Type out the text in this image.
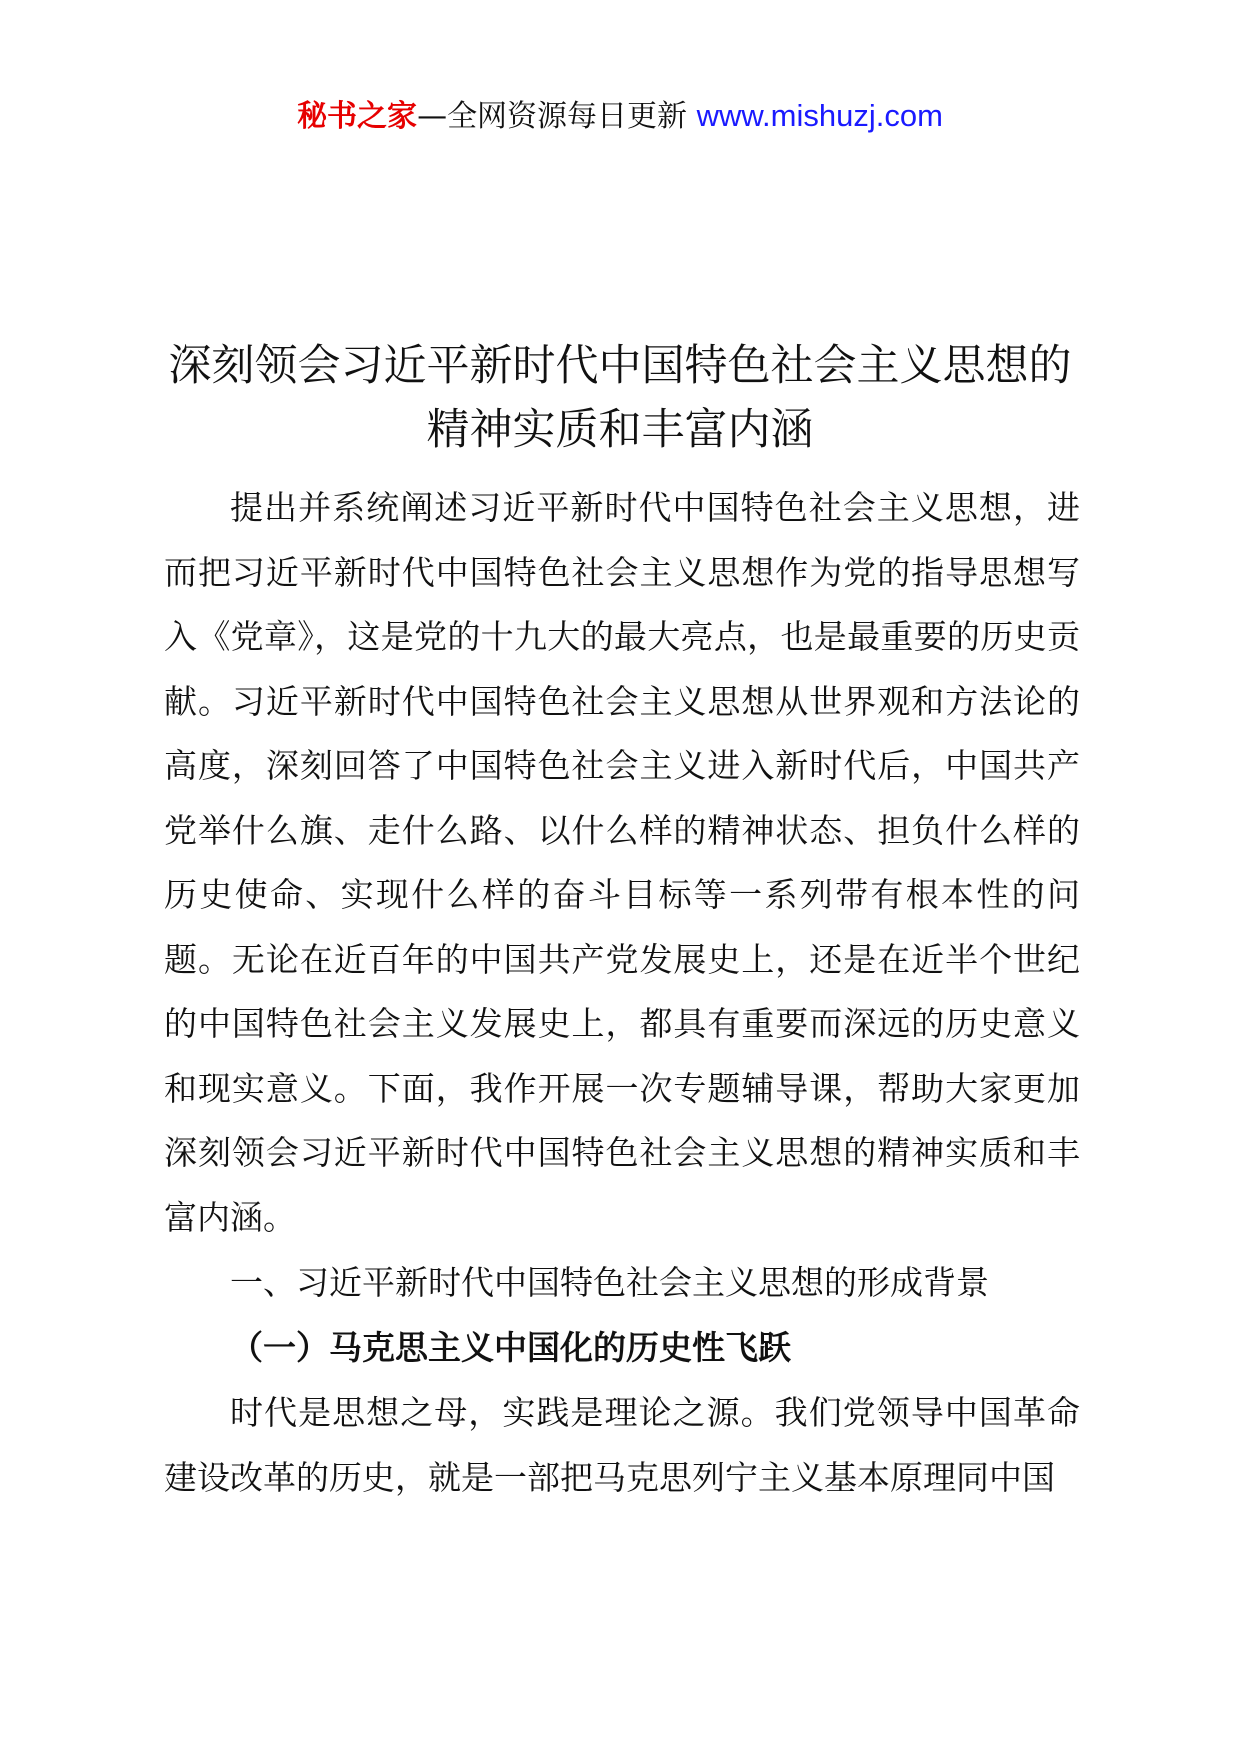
秘书之家—全网资源每日更新 www.mishuzj.com
深刻领会习近平新时代中国特色社会主义思想的精神实质和丰富内涵

提出并系统阐述习近平新时代中国特色社会主义思想，进而把习近平新时代中国特色社会主义思想作为党的指导思想写入《党章》，这是党的十九大的最大亮点，也是最重要的历史贡献。习近平新时代中国特色社会主义思想从世界观和方法论的高度，深刻回答了中国特色社会主义进入新时代后，中国共产党举什么旗、走什么路、以什么样的精神状态、担负什么样的历史使命、实现什么样的奋斗目标等一系列带有根本性的问题。无论在近百年的中国共产党发展史上，还是在近半个世纪的中国特色社会主义发展史上，都具有重要而深远的历史意义和现实意义。下面，我作开展一次专题辅导课，帮助大家更加深刻领会习近平新时代中国特色社会主义思想的精神实质和丰富内涵。

一、习近平新时代中国特色社会主义思想的形成背景
（一）马克思主义中国化的历史性飞跃

时代是思想之母，实践是理论之源。我们党领导中国革命建设改革的历史，就是一部把马克思列宁主义基本原理同中国
